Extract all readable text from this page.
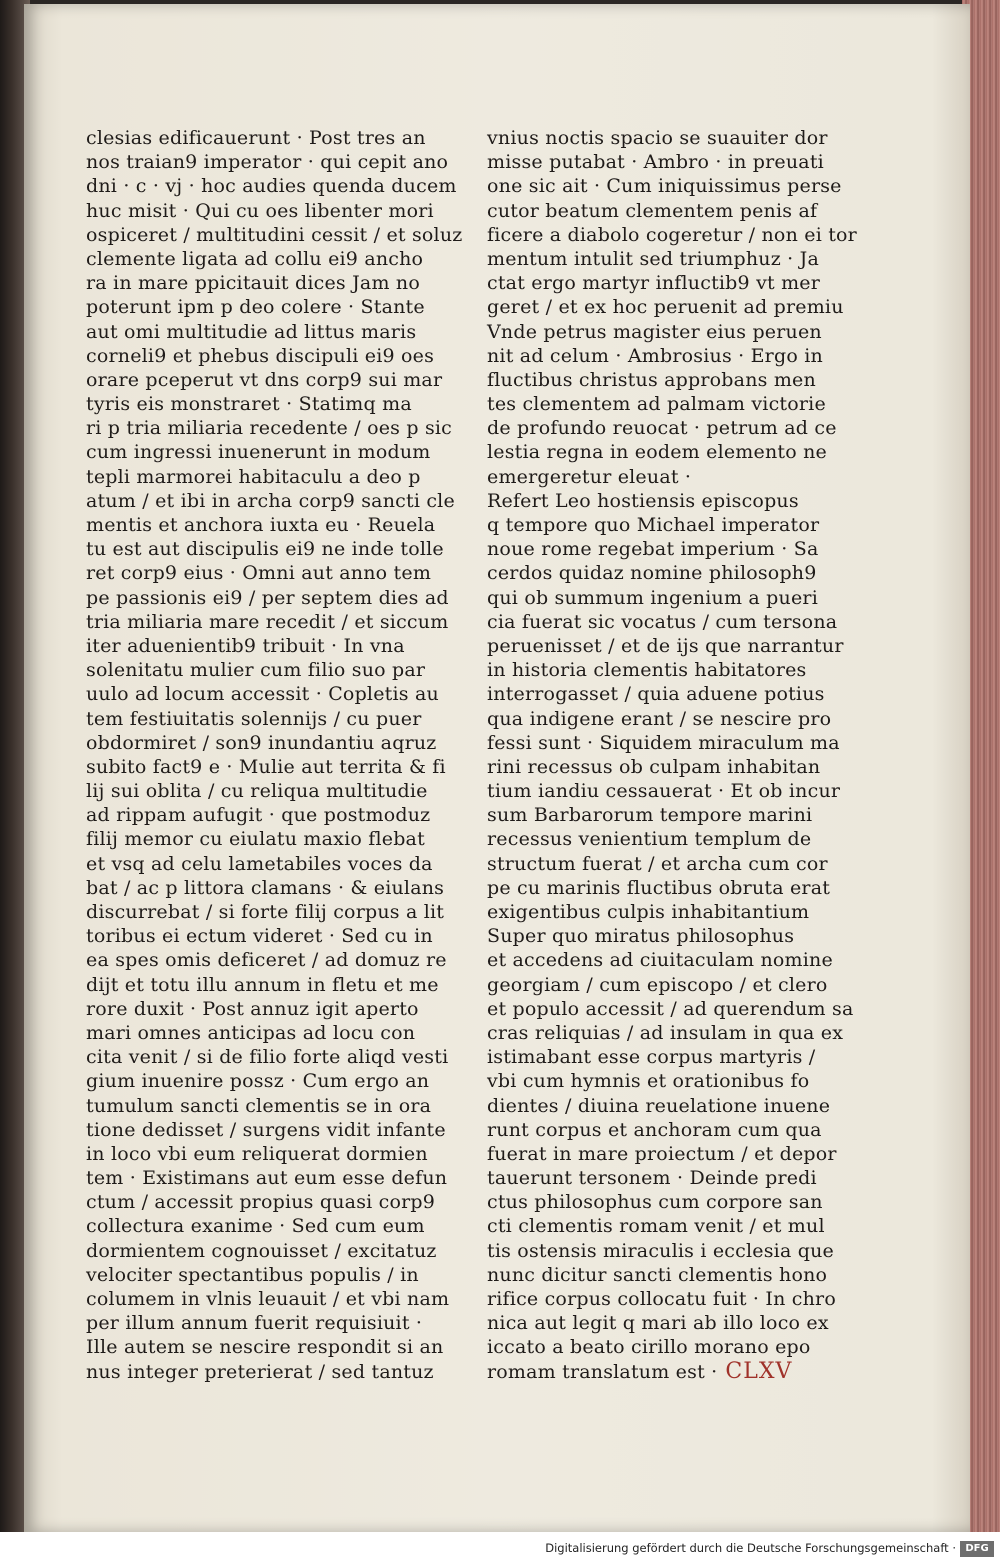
clesias edificauerunt · Post tres an
nos traian9 imperator · qui cepit ano
dni · c · vj · hoc audies quenda ducem
huc misit · Qui cu oes libenter mori
ospiceret / multitudini cessit / et soluz
clemente ligata ad collu ei9 ancho
ra in mare ppicitauit dices Jam no
poterunt ipm p deo colere · Stante
aut omi multitudie ad littus maris
corneli9 et phebus discipuli ei9 oes
orare pceperut vt dns corp9 sui mar
tyris eis monstraret · Statimq ma
ri p tria miliaria recedente / oes p sic
cum ingressi inuenerunt in modum
tepli marmorei habitaculu a deo p
atum / et ibi in archa corp9 sancti cle
mentis et anchora iuxta eu · Reuela
tu est aut discipulis ei9 ne inde tolle
ret corp9 eius · Omni aut anno tem
pe passionis ei9 / per septem dies ad
tria miliaria mare recedit / et siccum
iter aduenientib9 tribuit · In vna
solenitatu mulier cum filio suo par
uulo ad locum accessit · Copletis au
tem festiuitatis solennijs / cu puer
obdormiret / son9 inundantiu aqruz
subito fact9 e · Mulie aut territa & fi
lij sui oblita / cu reliqua multitudie
ad rippam aufugit · que postmoduz
filij memor cu eiulatu maxio flebat
et vsq ad celu lametabiles voces da
bat / ac p littora clamans · & eiulans
discurrebat / si forte filij corpus a lit
toribus ei ectum videret · Sed cu in
ea spes omis deficeret / ad domuz re
dijt et totu illu annum in fletu et me
rore duxit · Post annuz igit aperto
mari omnes anticipas ad locu con
cita venit / si de filio forte aliqd vesti
gium inuenire possz · Cum ergo an
tumulum sancti clementis se in ora
tione dedisset / surgens vidit infante
in loco vbi eum reliquerat dormien
tem · Existimans aut eum esse defun
ctum / accessit propius quasi corp9
collectura exanime · Sed cum eum
dormientem cognouisset / excitatuz
velociter spectantibus populis / in
columem in vlnis leuauit / et vbi nam
per illum annum fuerit requisiuit ·
Ille autem se nescire respondit si an
nus integer preterierat / sed tantuz
vnius noctis spacio se suauiter dor
misse putabat · Ambro · in preuati
one sic ait · Cum iniquissimus perse
cutor beatum clementem penis af
ficere a diabolo cogeretur / non ei tor
mentum intulit sed triumphuz · Ja
ctat ergo martyr influctib9 vt mer
geret / et ex hoc peruenit ad premiu
Vnde petrus magister eius peruen
nit ad celum · Ambrosius · Ergo in
fluctibus christus approbans men
tes clementem ad palmam victorie
de profundo reuocat · petrum ad ce
lestia regna in eodem elemento ne
emergeretur eleuat ·
Refert Leo hostiensis episcopus
q tempore quo Michael imperator
noue rome regebat imperium · Sa
cerdos quidaz nomine philosoph9
qui ob summum ingenium a pueri
cia fuerat sic vocatus / cum tersona
peruenisset / et de ijs que narrantur
in historia clementis habitatores
interrogasset / quia aduene potius
qua indigene erant / se nescire pro
fessi sunt · Siquidem miraculum ma
rini recessus ob culpam inhabitan
tium iandiu cessauerat · Et ob incur
sum Barbarorum tempore marini
recessus venientium templum de
structum fuerat / et archa cum cor
pe cu marinis fluctibus obruta erat
exigentibus culpis inhabitantium
Super quo miratus philosophus
et accedens ad ciuitaculam nomine
georgiam / cum episcopo / et clero
et populo accessit / ad querendum sa
cras reliquias / ad insulam in qua ex
istimabant esse corpus martyris /
vbi cum hymnis et orationibus fo
dientes / diuina reuelatione inuene
runt corpus et anchoram cum qua
fuerat in mare proiectum / et depor
tauerunt tersonem · Deinde predi
ctus philosophus cum corpore san
cti clementis romam venit / et mul
tis ostensis miraculis i ecclesia que
nunc dicitur sancti clementis hono
rifice corpus collocatu fuit · In chro
nica aut legit q mari ab illo loco ex
iccato a beato cirillo morano epo
romam translatum est · CLXV
Digitalisierung gefördert durch die Deutsche Forschungsgemeinschaft · DFG
